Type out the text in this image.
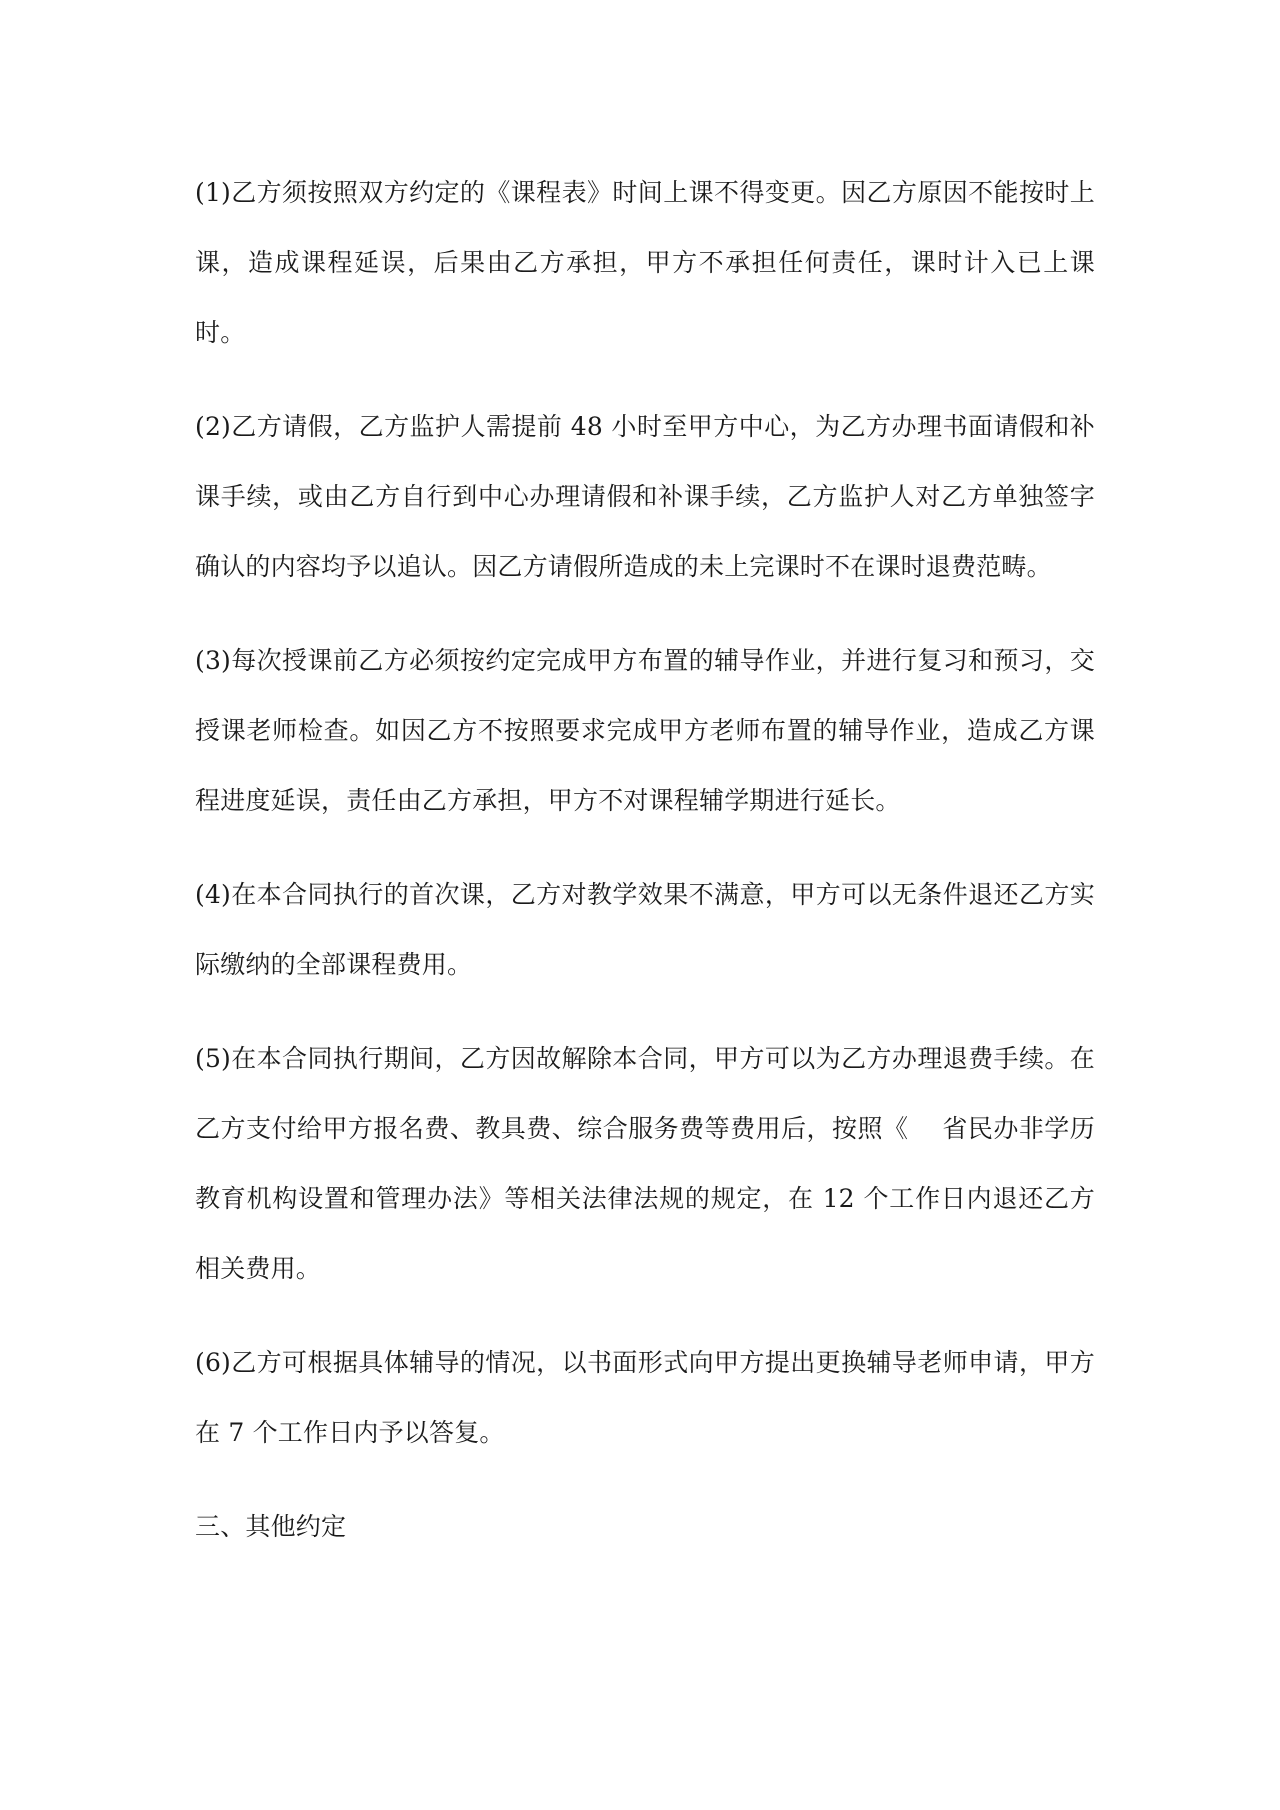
(1)乙方须按照双方约定的《课程表》时间上课不得变更。因乙方原因不能按时上课，造成课程延误，后果由乙方承担，甲方不承担任何责任，课时计入已上课时。

(2)乙方请假，乙方监护人需提前 48 小时至甲方中心，为乙方办理书面请假和补课手续，或由乙方自行到中心办理请假和补课手续，乙方监护人对乙方单独签字确认的内容均予以追认。因乙方请假所造成的未上完课时不在课时退费范畴。

(3)每次授课前乙方必须按约定完成甲方布置的辅导作业，并进行复习和预习，交授课老师检查。如因乙方不按照要求完成甲方老师布置的辅导作业，造成乙方课程进度延误，责任由乙方承担，甲方不对课程辅学期进行延长。

(4)在本合同执行的首次课，乙方对教学效果不满意，甲方可以无条件退还乙方实际缴纳的全部课程费用。

(5)在本合同执行期间，乙方因故解除本合同，甲方可以为乙方办理退费手续。在乙方支付给甲方报名费、教具费、综合服务费等费用后，按照《　 省民办非学历教育机构设置和管理办法》等相关法律法规的规定，在 12 个工作日内退还乙方相关费用。

(6)乙方可根据具体辅导的情况，以书面形式向甲方提出更换辅导老师申请，甲方在 7 个工作日内予以答复。

三、其他约定
